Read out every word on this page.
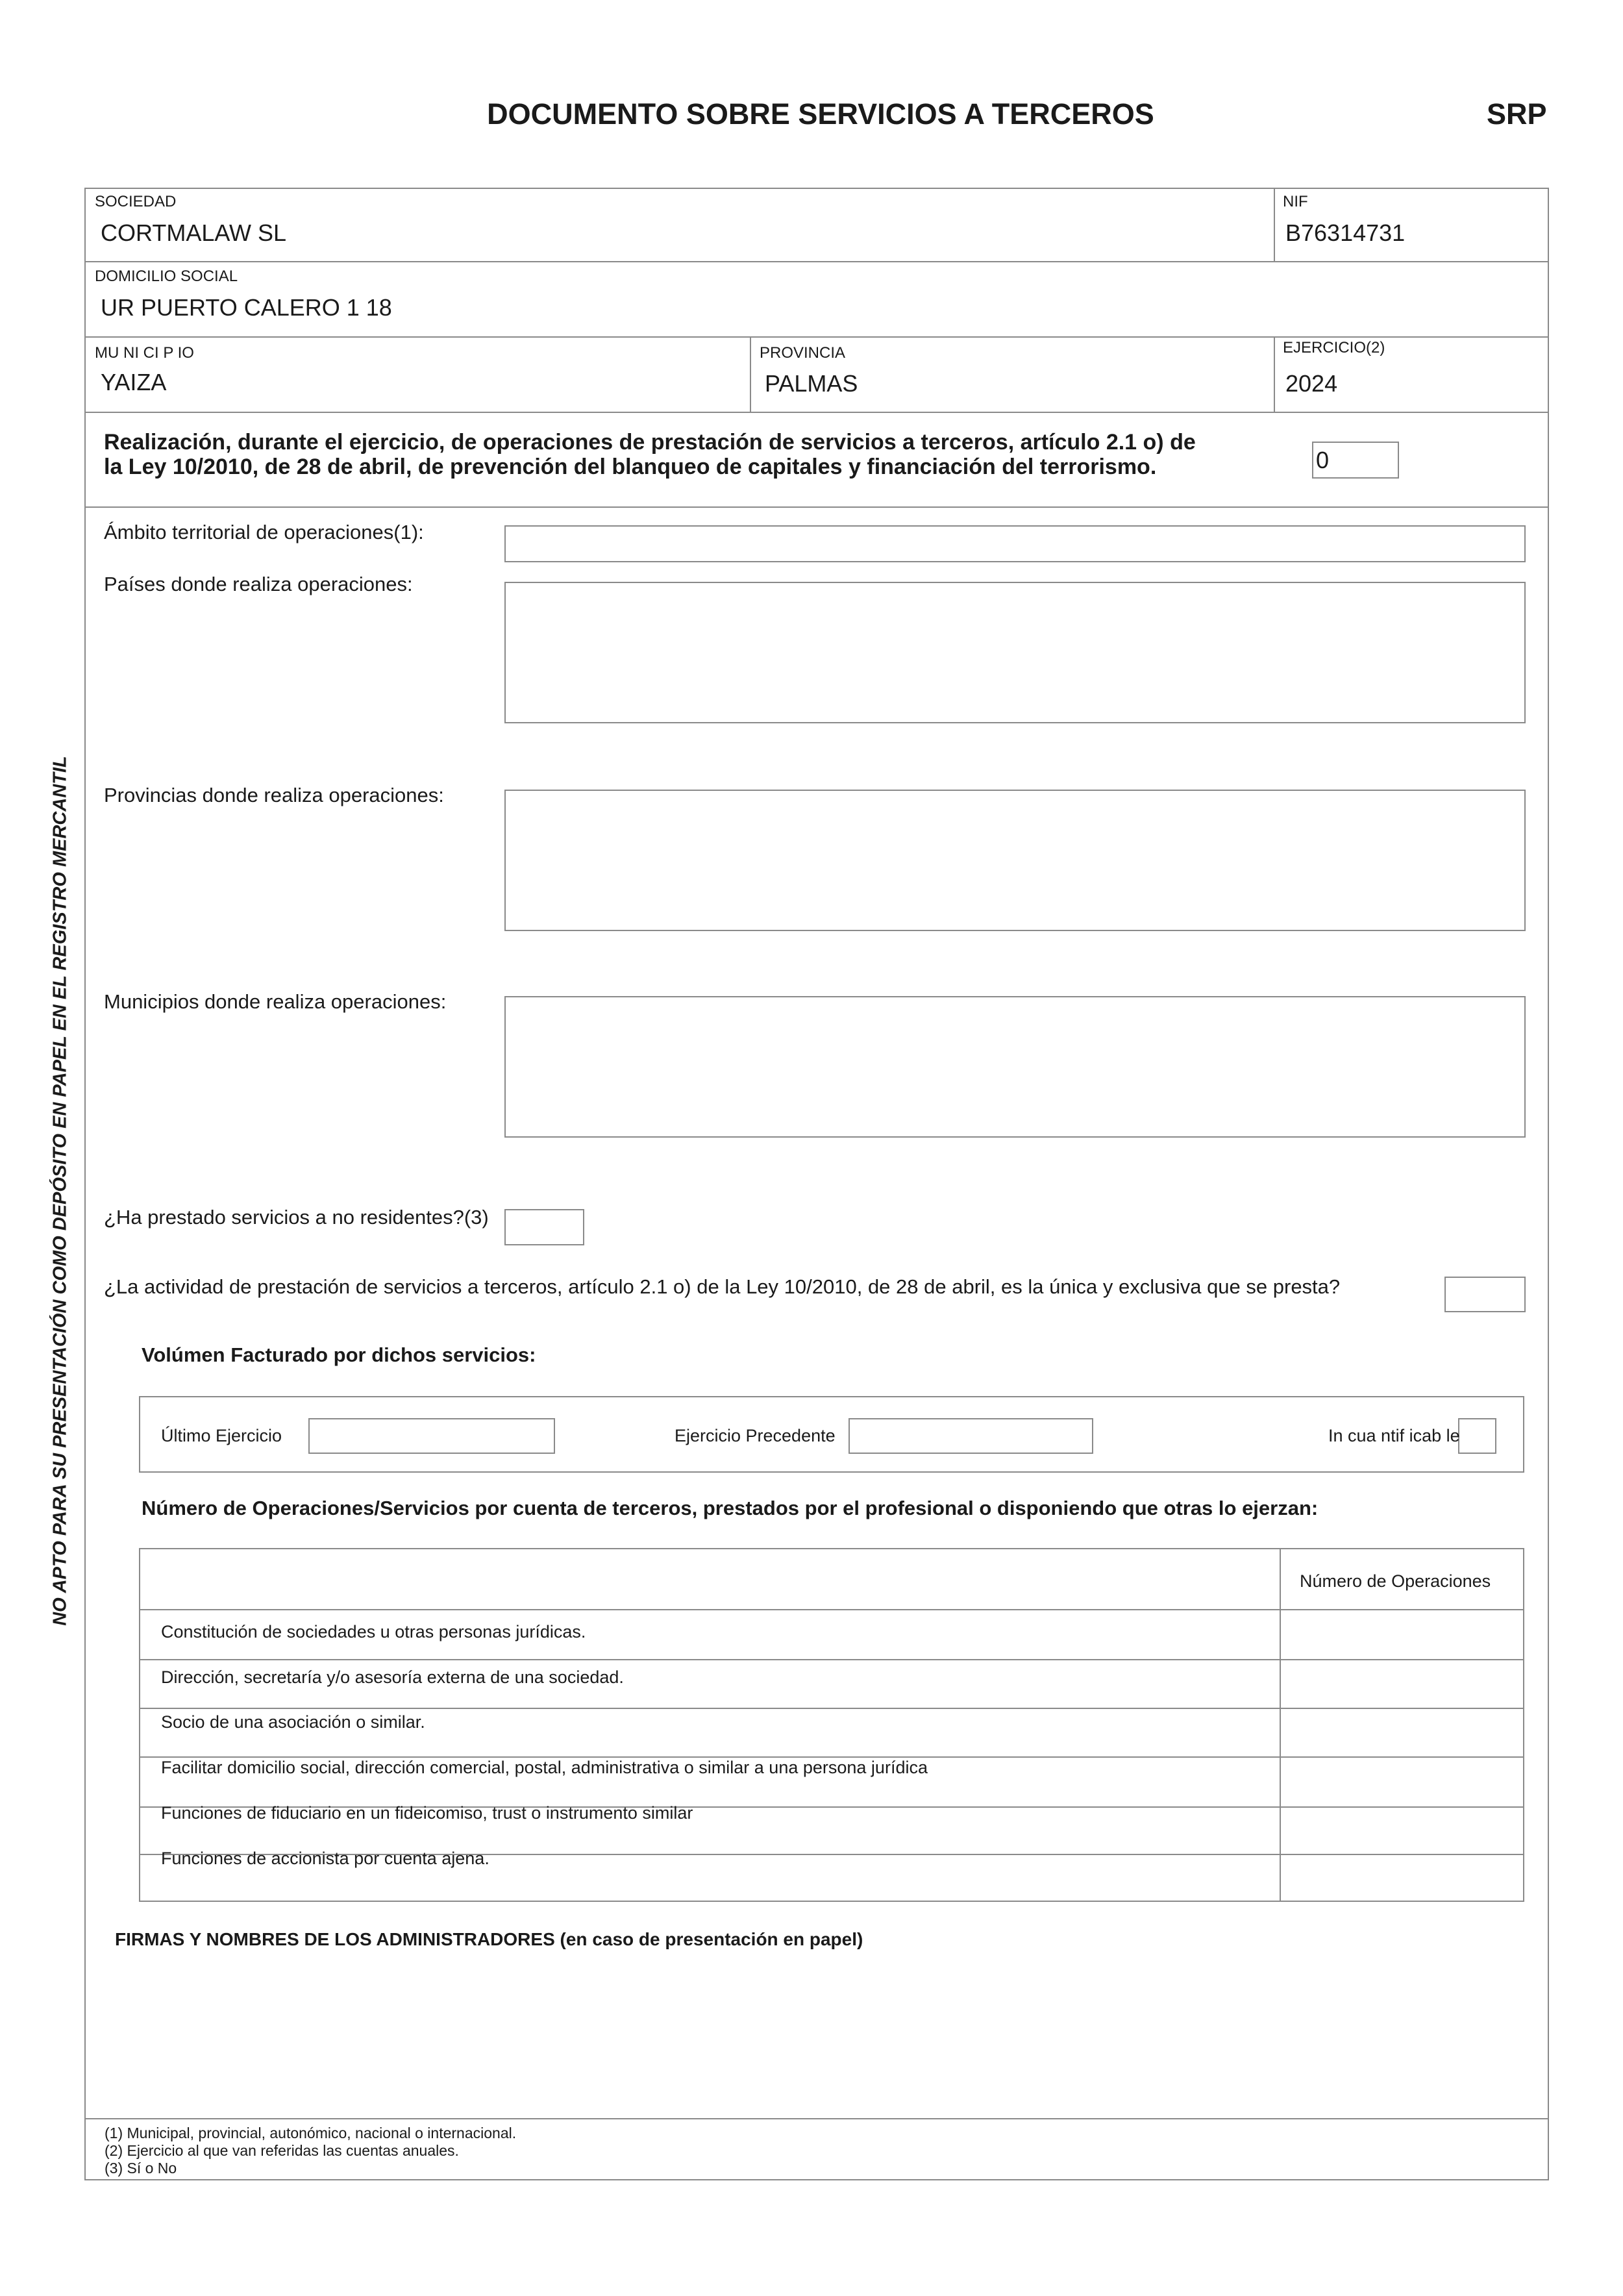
DOCUMENTO SOBRE SERVICIOS A TERCEROS	SRP
NO APTO PARA SU PRESENTACIÓN COMO DEPÓSITO EN PAPEL EN EL REGISTRO MERCANTIL
SOCIEDAD
CORTMALAW SL
NIF
B76314731
DOMICILIO SOCIAL
UR PUERTO CALERO 1 18
MU NI CI P IO
YAIZA
PROVINCIA
PALMAS
EJERCICIO(2)
2024
Realización, durante el ejercicio, de operaciones de prestación de servicios a terceros, artículo 2.1 o) de
la Ley 10/2010, de 28 de abril, de prevención del blanqueo de capitales y financiación del terrorismo.	0
Ámbito territorial de operaciones(1):
Países donde realiza operaciones:
Provincias donde realiza operaciones:
Municipios donde realiza operaciones:
¿Ha prestado servicios a no residentes?(3)
¿La actividad de prestación de servicios a terceros, artículo 2.1 o) de la Ley 10/2010, de 28 de abril, es la única y exclusiva que se presta?
Volúmen Facturado por dichos servicios:
Último Ejercicio	Ejercicio Precedente	In cua ntif icab le
Número de Operaciones/Servicios por cuenta de terceros, prestados por el profesional o disponiendo que otras lo ejerzan:
Número de Operaciones
Constitución de sociedades u otras personas jurídicas.
Dirección, secretaría y/o asesoría externa de una sociedad.
Socio de una asociación o similar.
Facilitar domicilio social, dirección comercial, postal, administrativa o similar a una persona jurídica
Funciones de fiduciario en un fideicomiso, trust o instrumento similar
Funciones de accionista por cuenta ajena.
FIRMAS Y NOMBRES DE LOS ADMINISTRADORES (en caso de presentación en papel)
(1) Municipal, provincial, autonómico, nacional o internacional.
(2) Ejercicio al que van referidas las cuentas anuales.
(3) Sí o No
